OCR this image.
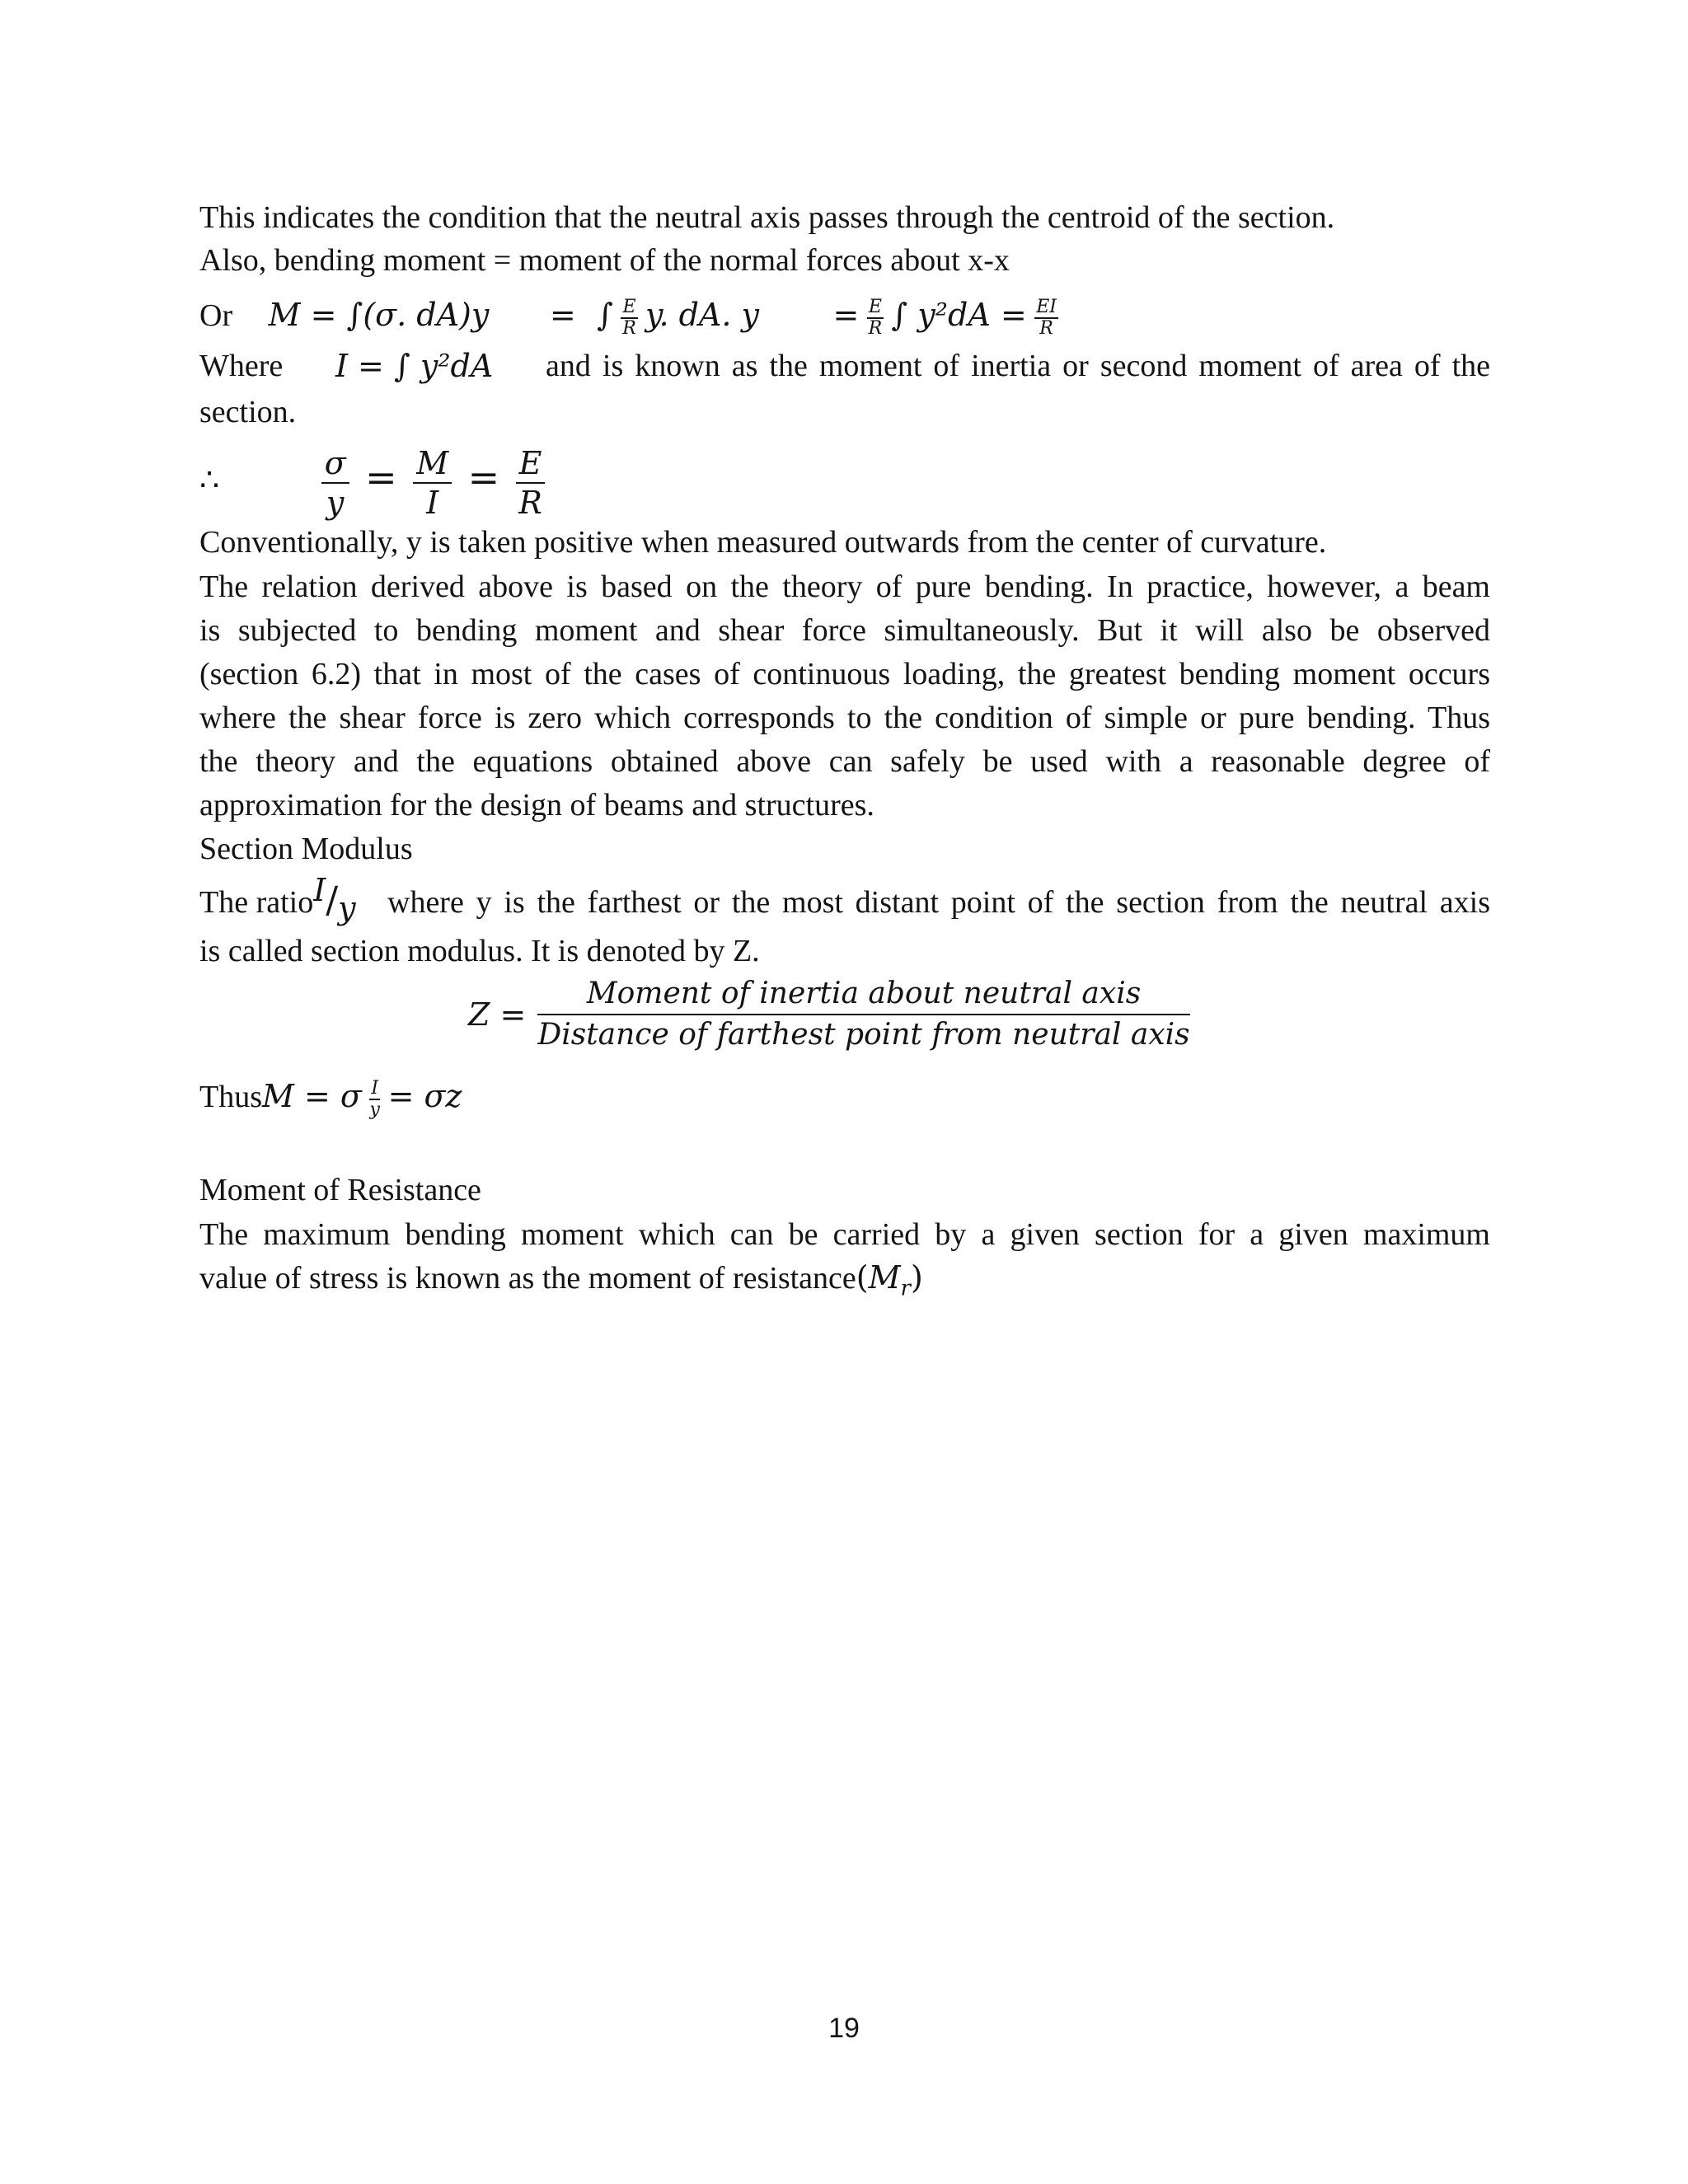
This indicates the condition that the neutral axis passes through the centroid of the section.
Also, bending moment = moment of the normal forces about x-x
Or M = ∫(σ. dA)y = ∫ $\frac{E}{R} y$. dA. $y = \frac{E}{R}$ ∫ $y^2dA = \frac{EI}{R}$
Where I = ∫ y²dA and is known as the moment of inertia or second moment of area of the
section.
∴	$\frac{\sigma}{y} = \frac{M}{I} = \frac{E}{R}$
Conventionally, y is taken positive when measured outwards from the center of curvature.
The relation derived above is based on the theory of pure bending. In practice, however, a beam
is subjected to bending moment and shear force simultaneously. But it will also be observed
(section 6.2) that in most of the cases of continuous loading, the greatest bending moment occurs
where the shear force is zero which corresponds to the condition of simple or pure bending. Thus
the theory and the equations obtained above can safely be used with a reasonable degree of
approximation for the design of beams and structures.
Section Modulus
The ratioI/y where y is the farthest or the most distant point of the section from the neutral axis
is called section modulus. It is denoted by Z.
$Z = \frac{\text{Moment of inertia about neutral axis}}{\text{Distance of farthest point from neutral axis}}$
ThusM = σ $\frac{I}{y} = \sigma z$
Moment of Resistance
The maximum bending moment which can be carried by a given section for a given maximum
value of stress is known as the moment of $resistance(M_r)$
19
